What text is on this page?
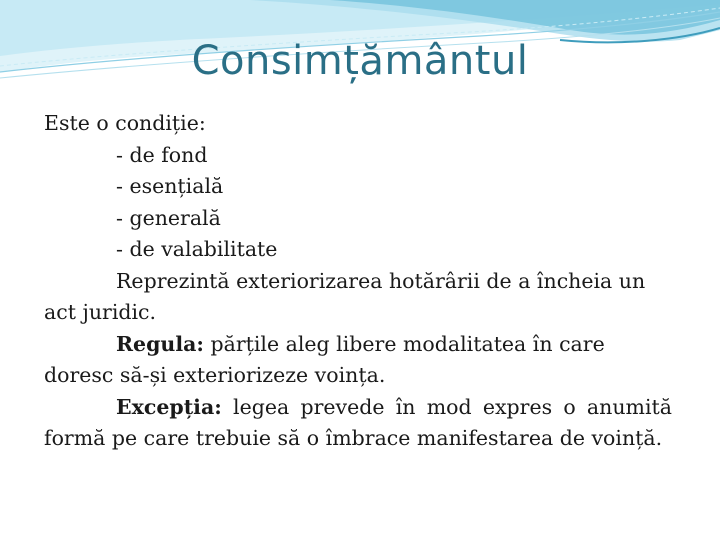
Consimțământul
Este o condiție:
- de fond
- esențială
- generală
- de valabilitate
Reprezintă exteriorizarea hotărârii de a încheia un act juridic.
Regula: părțile aleg libere modalitatea în care doresc să-și exteriorizeze voința.
Excepția: legea prevede în mod expres o anumită formă pe care trebuie să o îmbrace manifestarea de voință.
